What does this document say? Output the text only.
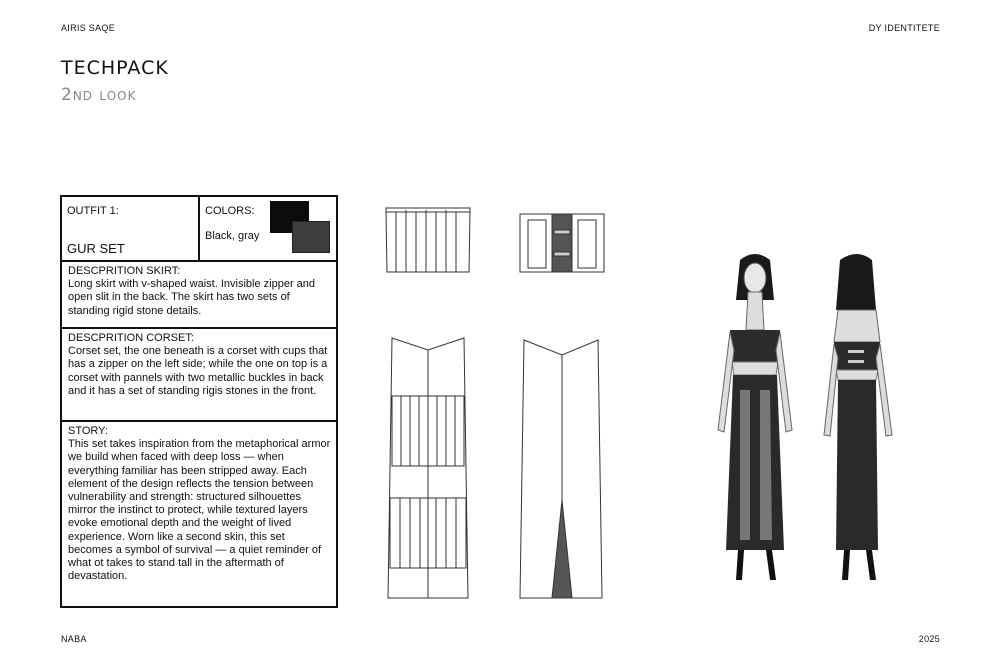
AIRIS SAQE	DY IDENTITETE
TECHPACK
2nd look
OUTFIT 1:
GUR SET
COLORS:
Black, gray
DESCPRITION SKIRT:
Long skirt with v-shaped waist. Invisible zipper and open slit in the back. The skirt has two sets of standing rigid stone details.
DESCPRITION CORSET:
Corset set, the one beneath is a corset with cups that has a zipper on the left side; while the one on top is a corset with pannels with two metallic buckles in back and it has a set of standing rigis stones in the front.
STORY:
This set takes inspiration from the metaphorical armor we build when faced with deep loss — when everything familiar has been stripped away. Each element of the design reflects the tension between vulnerability and strength: structured silhouettes mirror the instinct to protect, while textured layers evoke emotional depth and the weight of lived experience. Worn like a second skin, this set becomes a symbol of survival — a quiet reminder of what ot takes to stand tall in the aftermath of devastation.
NABA	2025
